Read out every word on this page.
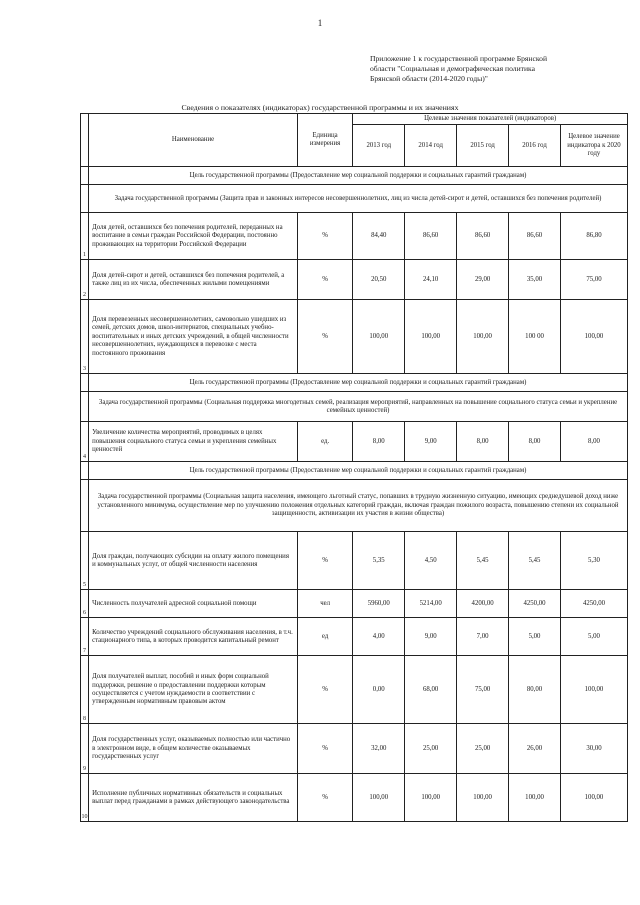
1
Приложение 1 к государственной программе Брянской
области "Социальная и демографическая политика
Брянской области (2014-2020 годы)"
Сведения о показателях (индикаторах) государственной программы и их значениях
	Наименование	Единица измерения	Целевые значения показателей (индикаторов)				
			2013 год	2014 год	2015 год	2016 год	Целевое значение индикатора к 2020 году
	Цель государственной программы (Предоставление мер социальной поддержки и социальных гарантий гражданам)						
	Задача государственной программы (Защита прав и законных интересов несовершеннолетних, лиц из числа детей-сирот и детей, оставшихся без попечения родителей)						
1	Доля детей, оставшихся без попечения родителей, переданных на воспитание в семьи граждан Российской Федерации, постоянно проживающих на территории Российской Федерации	%	84,40	86,60	86,60	86,60	86,80
2	Доля детей-сирот и детей, оставшихся без попечения родителей, а также лиц из их числа, обеспеченных жилыми помещениями	%	20,50	24,10	29,00	35,00	75,00
3	Доля перевезенных несовершеннолетних, самовольно ушедших из семей, детских домов, школ-интернатов, специальных учебно-воспитательных и иных детских учреждений, в общей численности несовершеннолетних, нуждающихся в перевозке с места постоянного проживания	%	100,00	100,00	100,00	100 00	100,00
	Цель государственной программы (Предоставление мер социальной поддержки и социальных гарантий гражданам)						
	Задача государственной программы (Социальная поддержка многодетных семей, реализация мероприятий, направленных на повышение социального статуса семьи и укрепление семейных ценностей)						
4	Увеличение количества мероприятий, проводимых в целях повышения социального статуса семьи и укрепления семейных ценностей	ед.	8,00	9,00	8,00	8,00	8,00
	Цель государственной программы (Предоставление мер социальной поддержки и социальных гарантий гражданам)						
	Задача государственной программы (Социальная защита населения, имеющего льготный статус, попавших в трудную жизненную ситуацию, имеющих среднедушевой доход ниже установленного минимума, осуществление мер по улучшению положения отдельных категорий граждан, включая граждан пожилого возраста, повышению степени их социальной защищенности, активизации их участия в жизни общества)						
5	Доля граждан, получающих субсидии на оплату жилого помещения и коммунальных услуг, от общей численности населения	%	5,35	4,50	5,45	5,45	5,30
6	Численность получателей адресной социальной помощи	чел	5960,00	5214,00	4200,00	4250,00	4250,00
7	Количество учреждений социального обслуживания населения, в т.ч. стационарного типа, в которых проводится капитальный ремонт	ед	4,00	9,00	7,00	5,00	5,00
8	Доля получателей выплат, пособий и иных форм социальной поддержки, решение о предоставлении поддержки которым осуществляется с учетом нуждаемости в соответствии с утвержденным нормативным правовым актом	%	0,00	68,00	75,00	80,00	100,00
9	Доля государственных услуг, оказываемых полностью или частично в электронном виде, в общем количестве оказываемых государственных услуг	%	32,00	25,00	25,00	26,00	30,00
10	Исполнение публичных нормативных обязательств и социальных выплат перед гражданами в рамках действующего законодательства	%	100,00	100,00	100,00	100,00	100,00
